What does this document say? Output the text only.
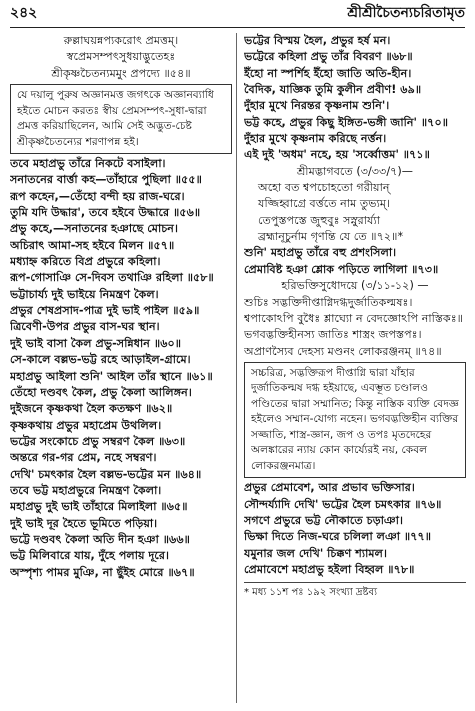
২৪২	শ্রীশ্রীচৈতন্যচরিতামৃত
রুল্লাঘয়ন্নপ্যকরোৎ প্রমত্তম্।
স্বপ্রেমসম্পৎসুধয়াদ্ভুতেহঃ
শ্রীকৃষ্ণচৈতন্যমমুং প্রপদ্যে ॥৫৪॥
যে দয়ালু পুরুষ অজ্ঞানমত্ত জগৎকে অজ্ঞানব্যাধি হইতে মোচন করতঃ স্বীয় প্রেমসম্পৎ-সুধা-দ্বারা প্রমত্ত করিয়াছিলেন, আমি সেই অদ্ভুত-চেষ্ট শ্রীকৃষ্ণচৈতন্যের শরণাপন্ন হই।
তবে মহাপ্রভু তাঁরে নিকটে বসাইলা।
সনাতনের বার্ত্তা কহ—তাঁহারে পুছিলা ॥৫৫॥
রূপ কহেন,—তেঁহো বন্দী হয় রাজ-ঘরে।
তুমি যদি উদ্ধার', তবে হইবে উদ্ধারে ॥৫৬॥
প্রভু কহে,—সনাতনের হঞাছে মোচন।
অচিরাৎ আমা-সহ হইবে মিলন ॥৫৭॥
মধ্যাহ্ন করিতে বিপ্র প্রভুরে কহিলা।
রূপ-গোসাঞি সে-দিবস তথাঞি রহিলা ॥৫৮॥
ভট্টাচার্য্য দুই ভাইয়ে নিমন্ত্রণ কৈল।
প্রভুর শেষপ্রসাদ-পাত্র দুই ভাই পাইল ॥৫৯॥
ত্রিবেণী-উপর প্রভুর বাস-ঘর স্থান।
দুই ভাই বাসা কৈল প্রভু-সন্নিধান ॥৬০॥
সে-কালে বল্লভ-ভট্ট রহে আড়াইল-গ্রামে।
মহাপ্রভু আইলা শুনি' আইল তাঁর স্থানে ॥৬১॥
তেঁহো দণ্ডবৎ কৈল, প্রভু কৈলা আলিঙ্গন।
দুইজনে কৃষ্ণকথা হৈল কতক্ষণ ॥৬২॥
কৃষ্ণকথায় প্রভুর মহাপ্রেম উথলিল।
ভট্টের সংকোচে প্রভু সম্বরণ কৈল ॥৬৩॥
অন্তরে গর-গর প্রেম, নহে সম্বরণ।
দেখি' চমৎকার হৈল বল্লভ-ভট্টের মন ॥৬৪॥
তবে ভট্ট মহাপ্রভুরে নিমন্ত্রণ কৈলা।
মহাপ্রভু দুই ভাই তাঁহারে মিলাইলা ॥৬৫॥
দুই ভাই দূর হৈতে ভূমিতে পড়িয়া।
ভট্টে দণ্ডবৎ কৈলা অতি দীন হঞা ॥৬৬॥
ভট্ট মিলিবারে যায়, দুঁহে পলায় দূরে।
অস্পৃশ্য পামর মুঞি, না ছুঁইহ মোরে ॥৬৭॥
ভট্টের বিস্ময় হৈল, প্রভুর হর্ষ মন।
ভট্টেরে কহিলা প্রভু তাঁর বিবরণ ॥৬৮॥
ইঁহো না স্পর্শিহ ইঁহো জাতি অতি-হীন।
বৈদিক, যাজ্ঞিক তুমি কুলীন প্রবীণ! ৬৯॥
দুঁহার মুখে নিরন্তর কৃষ্ণনাম শুনি'।
ভট্ট কহে, প্রভুর কিছু ইঙ্গিত-ভঙ্গী জানি' ॥৭০॥
দুঁহার মুখে কৃষ্ণনাম করিছে নর্ত্তন।
এই দুই 'অধম' নহে, হয় 'সর্ব্বোত্তম' ॥৭১॥
শ্রীমদ্ভাগবতে (৩/৩৩/৭)—
অহো বত শ্বপচোহতো গরীয়ান্
যজ্জিহ্বাগ্রে বর্ত্ততে নাম তুভ্যম্।
তেপুস্তপস্তে জুহুবুঃ সস্নুরার্য্যা
ব্রহ্মানূচুর্নাম গৃণন্তি যে তে ॥৭২॥*
শুনি' মহাপ্রভু তাঁরে বহু প্রশংসিলা।
প্রেমাবিষ্ট হঞা শ্লোক পড়িতে লাগিলা ॥৭৩॥
হরিভক্তিসুধোদয়ে (৩/১১-১২) —
শুচিঃ সদ্ভক্তিদীপ্তাগ্নিদগ্ধদুর্জাতিকল্মষঃ।
শ্বপাকোঽপি বুধৈঃ শ্লাঘ্যো ন বেদজ্ঞোঽপি নাস্তিকঃ॥
ভগবদ্ভক্তিহীনস্য জাতিঃ শাস্ত্রং জপস্তপঃ।
অপ্রাণস্যৈব দেহস্য মণ্ডনং লোকরঞ্জনম্ ॥৭৪॥
সচ্চরিত্র, সদ্ভক্তিরূপ দীপ্তাগ্নি দ্বারা যাঁহার দুর্জাতিকল্মষ দগ্ধ হইয়াছে, এবম্ভূত চণ্ডালও পণ্ডিতের দ্বারা সম্মানিত; কিন্তু নাস্তিক ব্যক্তি বেদজ্ঞ হইলেও সম্মান-যোগ্য নহেন। ভগবদ্ভক্তিহীন ব্যক্তির সজ্জাতি, শাস্ত্র-জ্ঞান, জপ ও তপঃ মৃতদেহের অলঙ্কারের ন্যায় কোন কার্য্যেরই নয়, কেবল লোকরঞ্জনমাত্র।
প্রভুর প্রেমাবেশ, আর প্রভাব ভক্তিসার।
সৌন্দর্য্যাদি দেখি' ভট্টের হৈল চমৎকার ॥৭৬॥
সগণে প্রভুরে ভট্ট নৌকাতে চড়াঞা।
ভিক্ষা দিতে নিজ-ঘরে চলিলা লঞা ॥৭৭॥
যমুনার জল দেখি' চিক্কণ শ্যামল।
প্রেমাবেশে মহাপ্রভু হইলা বিহ্বল ॥৭৮॥
* মধ্য ১১শ পঃ ১৯২ সংখ্যা দ্রষ্টব্য
